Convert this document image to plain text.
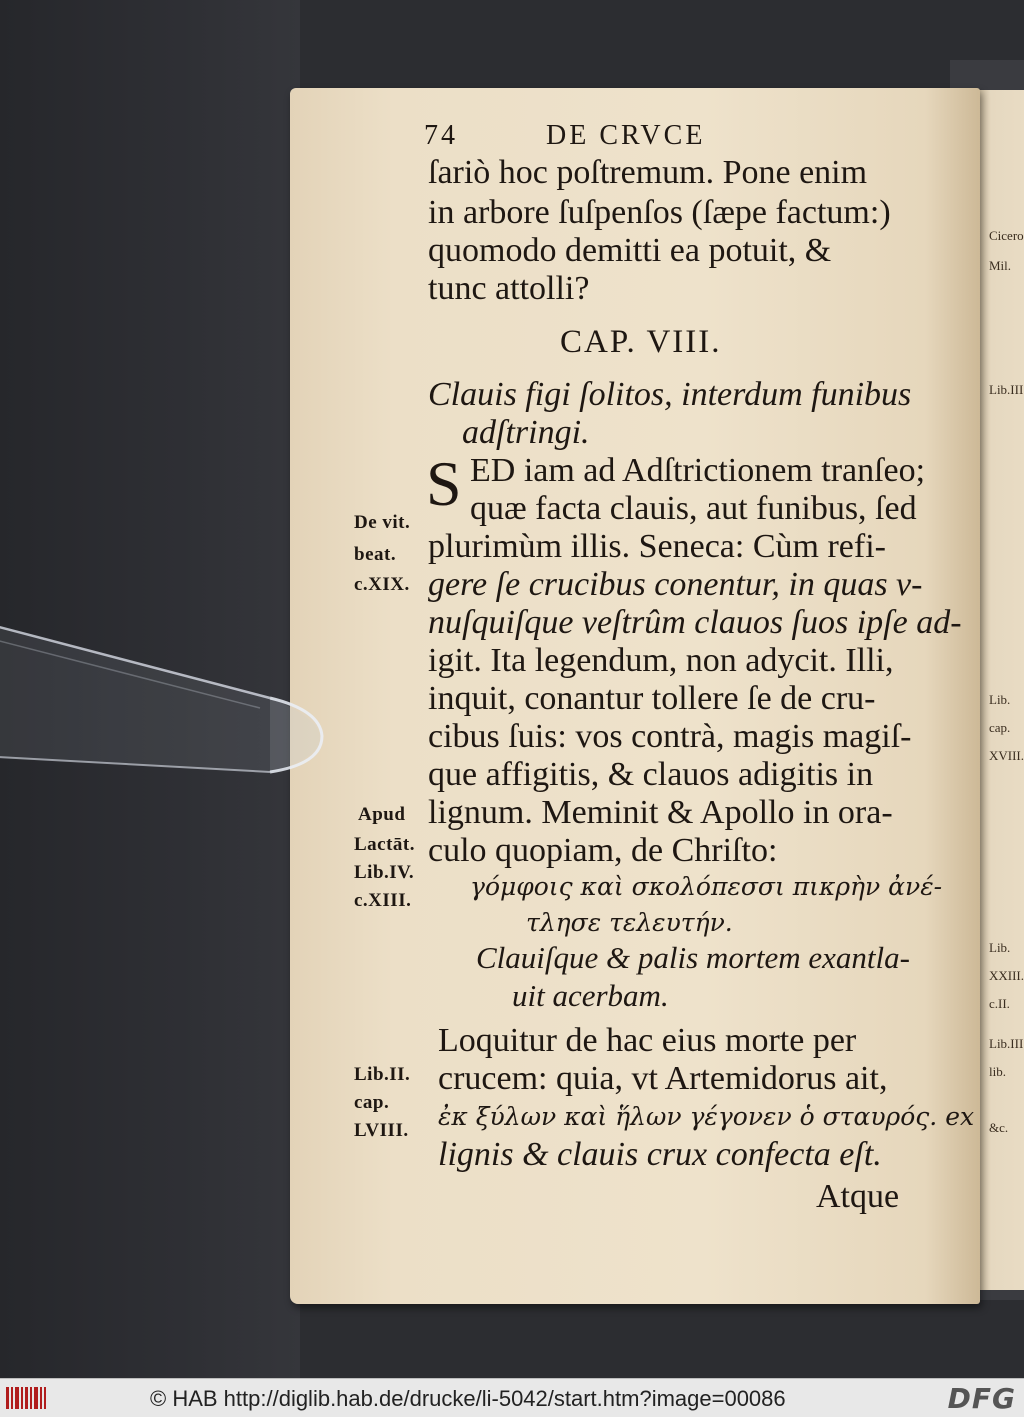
Cicero
Mil.
Lib.III
Lib.
cap.
XVIII.
Lib.
XXIII.
c.II.
Lib.III
lib.
&c.
74	DE CRVCE
ſariò hoc poſtremum. Pone enim
in arbore ſuſpenſos (ſæpe factum:)
quomodo demitti ea potuit, &
tunc attolli?
CAP. VIII.
Clauis figi ſolitos, interdum funibus
adſtringi.
S ED iam ad Adſtrictionem tranſeo;
quæ facta clauis, aut funibus, ſed
plurimùm illis. Seneca: Cùm refi-
gere ſe crucibus conentur, in quas v-
nuſquiſque veſtrûm clauos ſuos ipſe ad-
igit. Ita legendum, non adycit. Illi,
inquit, conantur tollere ſe de cru-
cibus ſuis: vos contrà, magis magiſ-
que affigitis, & clauos adigitis in
lignum. Meminit & Apollo in ora-
culo quopiam, de Chriſto:
γόμφοις καὶ σκολόπεσσι πικρὴν ἀνέ-
τλησε τελευτήν.
Clauiſque & palis mortem exantla-
uit acerbam.
Loquitur de hac eius morte per
crucem: quia, vt Artemidorus ait,
ἐκ ξύλων καὶ ἥλων γέγονεν ὁ σταυρός. ex
lignis & clauis crux confecta eſt.
Atque
De vit.
beat.
c.XIX.
Apud
Lactāt.
Lib.IV.
c.XIII.
Lib.II.
cap.
LVIII.
© HAB http://diglib.hab.de/drucke/li-5042/start.htm?image=00086	DFG
